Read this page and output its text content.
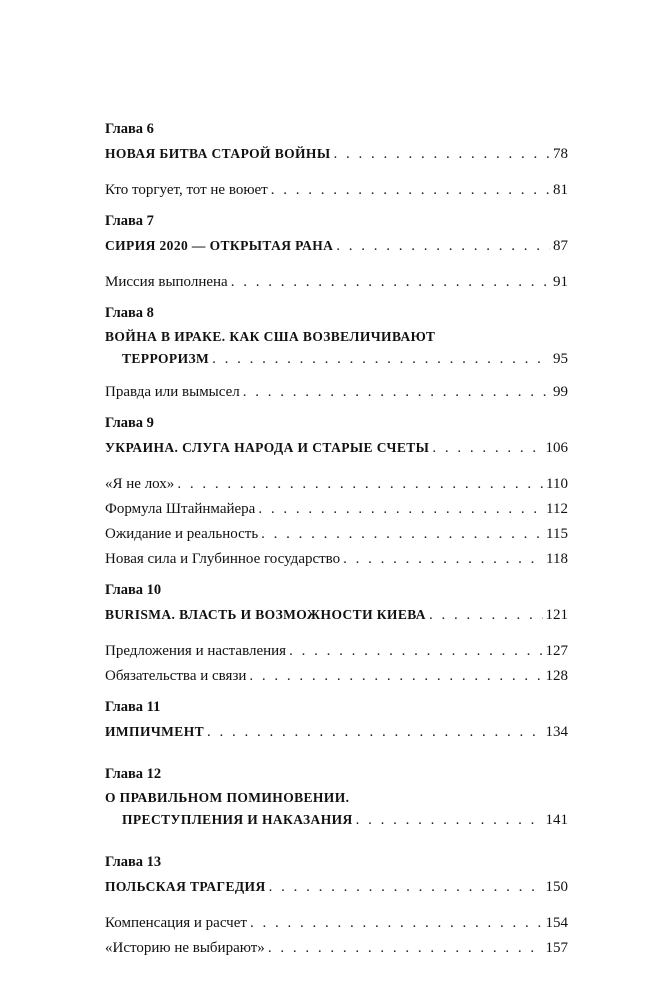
Глава 6
НОВАЯ БИТВА СТАРОЙ ВОЙНЫ . . .	78
Кто торгует, тот не воюет . . .	81
Глава 7
СИРИЯ 2020 — ОТКРЫТАЯ РАНА . . .	87
Миссия выполнена . . .	91
Глава 8
ВОЙНА В ИРАКЕ. КАК США ВОЗВЕЛИЧИВАЮТ
ТЕРРОРИЗМ . . .	95
Правда или вымысел . . .	99
Глава 9
УКРАИНА. СЛУГА НАРОДА И СТАРЫЕ СЧЕТЫ . . .	106
«Я не лох» . . .	110
Формула Штайнмайера . . .	112
Ожидание и реальность . . .	115
Новая сила и Глубинное государство . . .	118
Глава 10
BURISMA. ВЛАСТЬ И ВОЗМОЖНОСТИ КИЕВА . . .	121
Предложения и наставления . . .	127
Обязательства и связи . . .	128
Глава 11
ИМПИЧМЕНТ . . .	134
Глава 12
О ПРАВИЛЬНОМ ПОМИНОВЕНИИ.
ПРЕСТУПЛЕНИЯ И НАКАЗАНИЯ . . .	141
Глава 13
ПОЛЬСКАЯ ТРАГЕДИЯ . . .	150
Компенсация и расчет . . .	154
«Историю не выбирают» . . .	157
